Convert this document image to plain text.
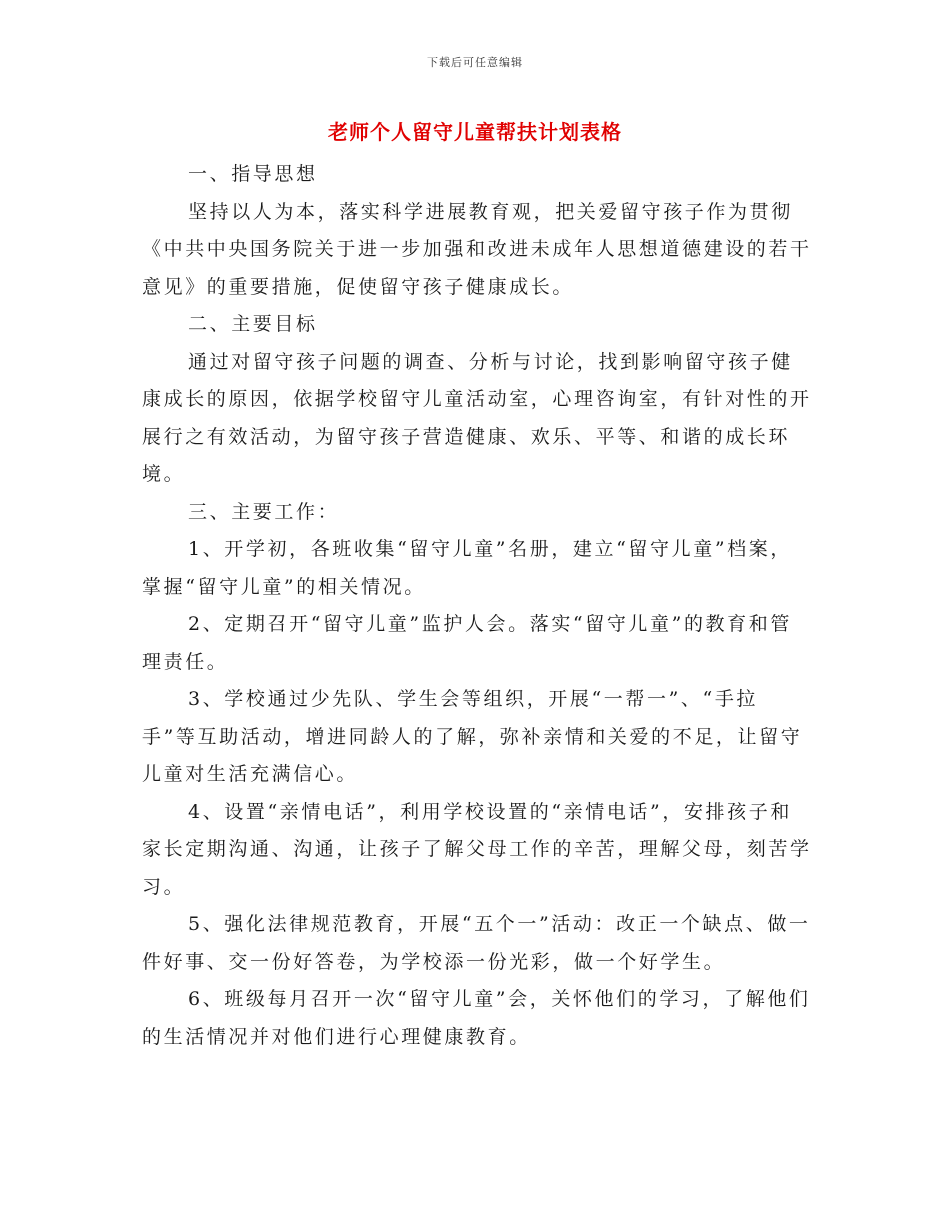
下载后可任意编辑
老师个人留守儿童帮扶计划表格

一、指导思想

坚持以人为本，落实科学进展教育观，把关爱留守孩子作为贯彻《中共中央国务院关于进一步加强和改进未成年人思想道德建设的若干意见》的重要措施，促使留守孩子健康成长。

二、主要目标

通过对留守孩子问题的调查、分析与讨论，找到影响留守孩子健康成长的原因，依据学校留守儿童活动室，心理咨询室，有针对性的开展行之有效活动，为留守孩子营造健康、欢乐、平等、和谐的成长环境。

三、主要工作：

1、开学初，各班收集“留守儿童”名册，建立“留守儿童”档案，掌握“留守儿童”的相关情况。

2、定期召开“留守儿童”监护人会。落实“留守儿童”的教育和管理责任。

3、学校通过少先队、学生会等组织，开展“一帮一”、“手拉手”等互助活动，增进同龄人的了解，弥补亲情和关爱的不足，让留守儿童对生活充满信心。

4、设置“亲情电话”，利用学校设置的“亲情电话”，安排孩子和家长定期沟通、沟通，让孩子了解父母工作的辛苦，理解父母，刻苦学习。

5、强化法律规范教育，开展“五个一”活动：改正一个缺点、做一件好事、交一份好答卷，为学校添一份光彩，做一个好学生。

6、班级每月召开一次“留守儿童”会，关怀他们的学习，了解他们的生活情况并对他们进行心理健康教育。
